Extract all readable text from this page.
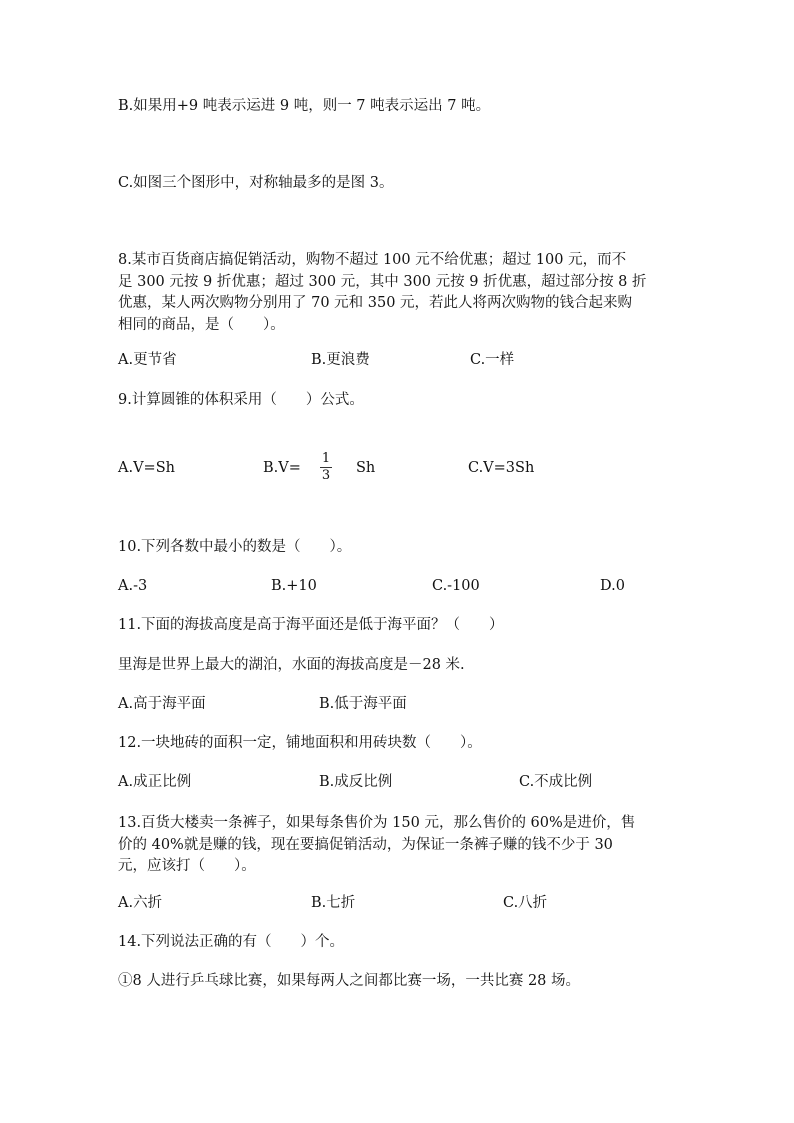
B.如果用+9 吨表示运进 9 吨，则一 7 吨表示运出 7 吨。
C.如图三个图形中，对称轴最多的是图 3。
8.某市百货商店搞促销活动，购物不超过 100 元不给优惠；超过 100 元，而不
足 300 元按 9 折优惠；超过 300 元，其中 300 元按 9 折优惠，超过部分按 8 折
优惠，某人两次购物分别用了 70 元和 350 元，若此人将两次购物的钱合起来购
相同的商品，是（　　）。
A.更节省	B.更浪费	C.一样
9.计算圆锥的体积采用（　　）公式。
A.V=Sh	B.V=
1
3 Sh	C.V=3Sh
10.下列各数中最小的数是（　　）。
A.-3	B.+10	C.-100	D.0
11.下面的海拔高度是高于海平面还是低于海平面？（　　）
里海是世界上最大的湖泊，水面的海拔高度是－28 米.
A.高于海平面	B.低于海平面
12.一块地砖的面积一定，铺地面积和用砖块数（　　）。
A.成正比例	B.成反比例	C.不成比例
13.百货大楼卖一条裤子，如果每条售价为 150 元，那么售价的 60%是进价，售
价的 40%就是赚的钱，现在要搞促销活动，为保证一条裤子赚的钱不少于 30
元，应该打（　　）。
A.六折	B.七折	C.八折
14.下列说法正确的有（　　）个。
①8 人进行乒乓球比赛，如果每两人之间都比赛一场，一共比赛 28 场。
